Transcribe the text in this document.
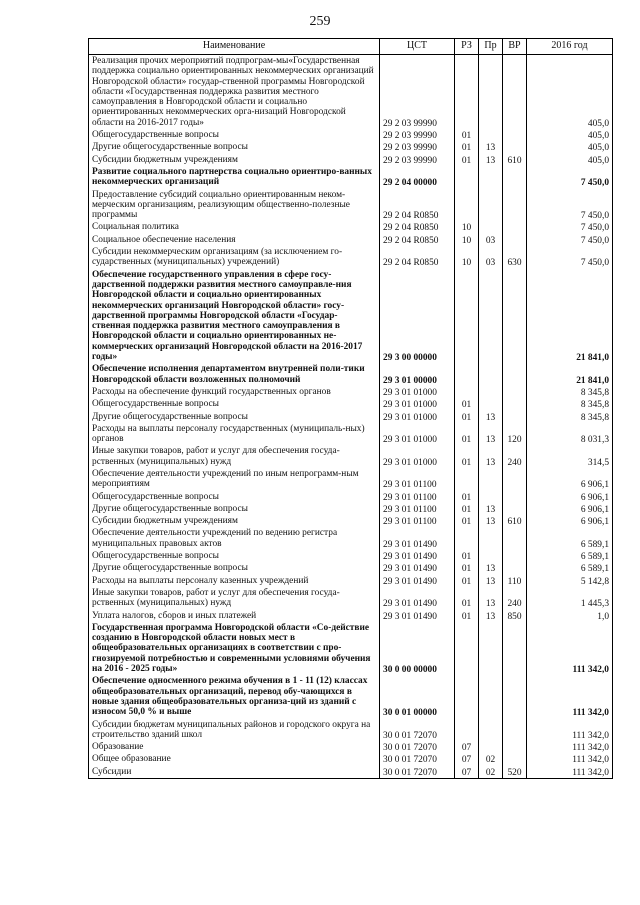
259
Наименование	ЦСТ	РЗ	Пр	ВР	2016 год
Реализация прочих мероприятий подпрограм-мы«Государственная поддержка социально ориентированных некоммерческих организаций Новгородской области» государ-ственной программы Новгородской области «Государственная поддержка развития местного самоуправления в Новгородской области и социально ориентированных некоммерческих орга-низаций Новгородской области на 2016-2017 годы»	29 2 03 99990				405,0
Общегосударственные вопросы	29 2 03 99990	01			405,0
Другие общегосударственные вопросы	29 2 03 99990	01	13		405,0
Субсидии бюджетным учреждениям	29 2 03 99990	01	13	610	405,0
Развитие социального партнерства социально ориентиро-ванных некоммерческих организаций	29 2 04 00000				7 450,0
Предоставление субсидий социально ориентированным неком-мерческим организациям, реализующим общественно-полезные программы	29 2 04 R0850				7 450,0
Социальная политика	29 2 04 R0850	10			7 450,0
Социальное обеспечение населения	29 2 04 R0850	10	03		7 450,0
Субсидии некоммерческим организациям (за исключением го-сударственных (муниципальных) учреждений)	29 2 04 R0850	10	03	630	7 450,0
Обеспечение государственного управления в сфере госу-дарственной поддержки развития местного самоуправле-ния Новгородской области и социально ориентированных некоммерческих организаций Новгородской области» госу-дарственной программы Новгородской области «Государ-ственная поддержка развития местного самоуправления в Новгородской области и социально ориентированных не-коммерческих организаций Новгородской области на 2016-2017 годы»	29 3 00 00000				21 841,0
Обеспечение исполнения департаментом внутренней поли-тики Новгородской области возложенных полномочий	29 3 01 00000				21 841,0
Расходы на обеспечение функций государственных органов	29 3 01 01000				8 345,8
Общегосударственные вопросы	29 3 01 01000	01			8 345,8
Другие общегосударственные вопросы	29 3 01 01000	01	13		8 345,8
Расходы на выплаты персоналу государственных (муниципаль-ных) органов	29 3 01 01000	01	13	120	8 031,3
Иные закупки товаров, работ и услуг для обеспечения госуда-рственных (муниципальных) нужд	29 3 01 01000	01	13	240	314,5
Обеспечение деятельности учреждений по иным непрограмм-ным мероприятиям	29 3 01 01100				6 906,1
Общегосударственные вопросы	29 3 01 01100	01			6 906,1
Другие общегосударственные вопросы	29 3 01 01100	01	13		6 906,1
Субсидии бюджетным учреждениям	29 3 01 01100	01	13	610	6 906,1
Обеспечение деятельности учреждений по ведению регистра муниципальных правовых актов	29 3 01 01490				6 589,1
Общегосударственные вопросы	29 3 01 01490	01			6 589,1
Другие общегосударственные вопросы	29 3 01 01490	01	13		6 589,1
Расходы на выплаты персоналу казенных учреждений	29 3 01 01490	01	13	110	5 142,8
Иные закупки товаров, работ и услуг для обеспечения госуда-рственных (муниципальных) нужд	29 3 01 01490	01	13	240	1 445,3
Уплата налогов, сборов и иных платежей	29 3 01 01490	01	13	850	1,0
Государственная программа Новгородской области «Со-действие созданию в Новгородской области новых мест в общеобразовательных организациях в соответствии с про-гнозируемой потребностью и современными условиями обучения на 2016 - 2025 годы»	30 0 00 00000				111 342,0
Обеспечение односменного режима обучения в 1 - 11 (12) классах общеобразовательных организаций, перевод обу-чающихся в новые здания общеобразовательных организа-ций из зданий с износом 50,0 % и выше	30 0 01 00000				111 342,0
Субсидии бюджетам муниципальных районов и городского округа на строительство зданий школ	30 0 01 72070				111 342,0
Образование	30 0 01 72070	07			111 342,0
Общее образование	30 0 01 72070	07	02		111 342,0
Субсидии	30 0 01 72070	07	02	520	111 342,0
